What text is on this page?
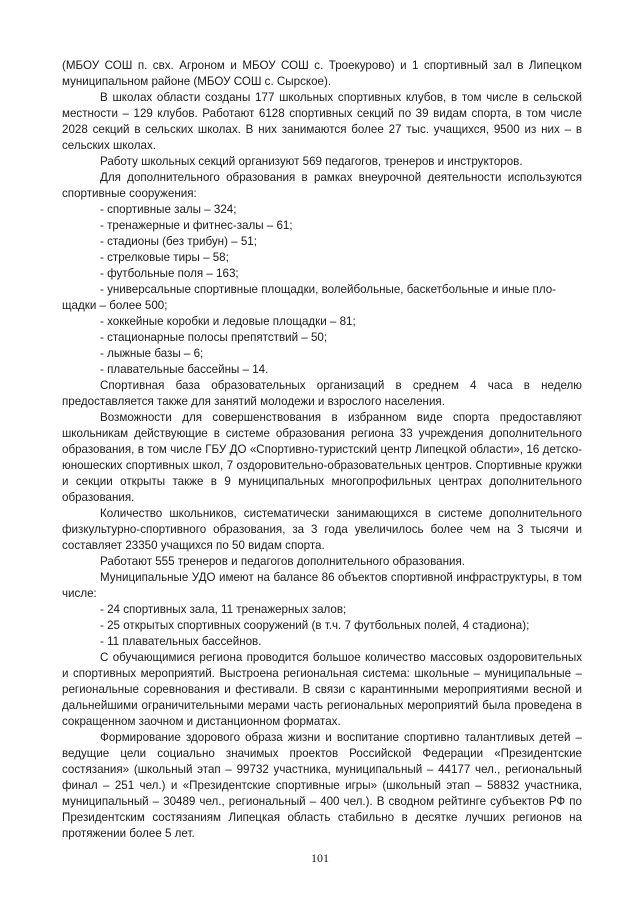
(МБОУ СОШ п. свх. Агроном и МБОУ СОШ с. Троекурово) и 1 спортивный зал в Липецком муниципальном районе (МБОУ СОШ с. Сырское).

В школах области созданы 177 школьных спортивных клубов, в том числе в сельской местности – 129 клубов. Работают 6128 спортивных секций по 39 видам спорта, в том числе 2028 секций в сельских школах. В них занимаются более 27 тыс. учащихся, 9500 из них – в сельских школах.

Работу школьных секций организуют 569 педагогов, тренеров и инструкторов.

Для дополнительного образования в рамках внеурочной деятельности используются спортивные сооружения:

- спортивные залы – 324;

- тренажерные и фитнес-залы – 61;

- стадионы (без трибун) – 51;

- стрелковые тиры – 58;

- футбольные поля – 163;

- универсальные спортивные площадки, волейбольные, баскетбольные и иные пло-

щадки – более 500;

- хоккейные коробки и ледовые площадки – 81;

- стационарные полосы препятствий – 50;

- лыжные базы – 6;

- плавательные бассейны – 14.

Спортивная база образовательных организаций в среднем 4 часа в неделю предоставляется также для занятий молодежи и взрослого населения.

Возможности для совершенствования в избранном виде спорта предоставляют школьникам действующие в системе образования региона 33 учреждения дополнительного образования, в том числе ГБУ ДО «Спортивно-туристский центр Липецкой области», 16 детско-юношеских спортивных школ, 7 оздоровительно-образовательных центров. Спортивные кружки и секции открыты также в 9 муниципальных многопрофильных центрах дополнительного образования.

Количество школьников, систематически занимающихся в системе дополнительного физкультурно-спортивного образования, за 3 года увеличилось более чем на 3 тысячи и составляет 23350 учащихся по 50 видам спорта.

Работают 555 тренеров и педагогов дополнительного образования.

Муниципальные УДО имеют на балансе 86 объектов спортивной инфраструктуры, в том числе:

- 24 спортивных зала, 11 тренажерных залов;

- 25 открытых спортивных сооружений (в т.ч. 7 футбольных полей, 4 стадиона);

- 11 плавательных бассейнов.

С обучающимися региона проводится большое количество массовых оздоровительных и спортивных мероприятий. Выстроена региональная система: школьные – муниципальные – региональные соревнования и фестивали. В связи с карантинными мероприятиями весной и дальнейшими ограничительными мерами часть региональных мероприятий была проведена в сокращенном заочном и дистанционном форматах.

Формирование здорового образа жизни и воспитание спортивно талантливых детей – ведущие цели социально значимых проектов Российской Федерации «Президентские состязания» (школьный этап – 99732 участника, муниципальный – 44177 чел., региональный финал – 251 чел.) и «Президентские спортивные игры» (школьный этап – 58832 участника, муниципальный – 30489 чел., региональный – 400 чел.). В сводном рейтинге субъектов РФ по Президентским состязаниям Липецкая область стабильно в десятке лучших регионов на протяжении более 5 лет.

101
